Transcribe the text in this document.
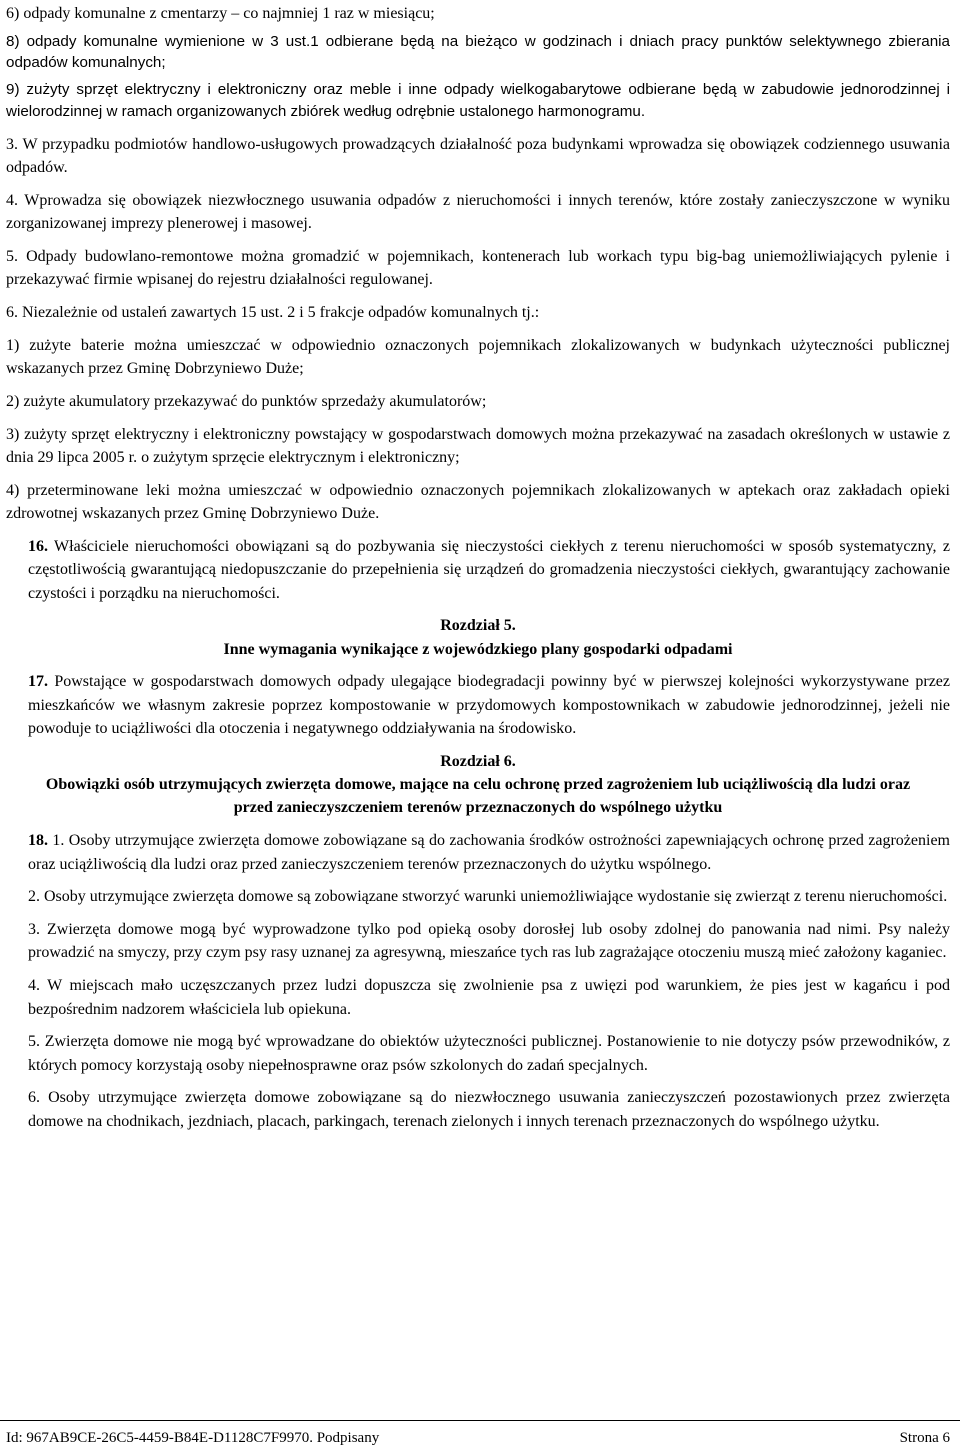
6) odpady komunalne z cmentarzy – co najmniej 1 raz w miesiącu;

8) odpady komunalne wymienione w 3 ust.1 odbierane będą na bieżąco w godzinach i dniach pracy punktów selektywnego zbierania odpadów komunalnych;

9) zużyty sprzęt elektryczny i elektroniczny oraz meble i inne odpady wielkogabarytowe odbierane będą w zabudowie jednorodzinnej i wielorodzinnej w ramach organizowanych zbiórek według odrębnie ustalonego harmonogramu.

3. W przypadku podmiotów handlowo-usługowych prowadzących działalność poza budynkami wprowadza się obowiązek codziennego usuwania odpadów.

4. Wprowadza się obowiązek niezwłocznego usuwania odpadów z nieruchomości i innych terenów, które zostały zanieczyszczone w wyniku zorganizowanej imprezy plenerowej i masowej.

5. Odpady budowlano-remontowe można gromadzić w pojemnikach, kontenerach lub workach typu big-bag uniemożliwiających pylenie i przekazywać firmie wpisanej do rejestru działalności regulowanej.

6. Niezależnie od ustaleń zawartych 15 ust. 2 i 5 frakcje odpadów komunalnych tj.:

1) zużyte baterie można umieszczać w odpowiednio oznaczonych pojemnikach zlokalizowanych w budynkach użyteczności publicznej wskazanych przez Gminę Dobrzyniewo Duże;

2) zużyte akumulatory przekazywać do punktów sprzedaży akumulatorów;

3) zużyty sprzęt elektryczny i elektroniczny powstający w gospodarstwach domowych można przekazywać na zasadach określonych w ustawie z dnia 29 lipca 2005 r. o zużytym sprzęcie elektrycznym i elektroniczny;

4) przeterminowane leki można umieszczać w odpowiednio oznaczonych pojemnikach zlokalizowanych w aptekach oraz zakładach opieki zdrowotnej wskazanych przez Gminę Dobrzyniewo Duże.

16. Właściciele nieruchomości obowiązani są do pozbywania się nieczystości ciekłych z terenu nieruchomości w sposób systematyczny, z częstotliwością gwarantującą niedopuszczanie do przepełnienia się urządzeń do gromadzenia nieczystości ciekłych, gwarantujący zachowanie czystości i porządku na nieruchomości.

Rozdział 5.
Inne wymagania wynikające z wojewódzkiego plany gospodarki odpadami

17. Powstające w gospodarstwach domowych odpady ulegające biodegradacji powinny być w pierwszej kolejności wykorzystywane przez mieszkańców we własnym zakresie poprzez kompostowanie w przydomowych kompostownikach w zabudowie jednorodzinnej, jeżeli nie powoduje to uciążliwości dla otoczenia i negatywnego oddziaływania na środowisko.

Rozdział 6.
Obowiązki osób utrzymujących zwierzęta domowe, mające na celu ochronę przed zagrożeniem lub uciążliwością dla ludzi oraz przed zanieczyszczeniem terenów przeznaczonych do wspólnego użytku

18. 1. Osoby utrzymujące zwierzęta domowe zobowiązane są do zachowania środków ostrożności zapewniających ochronę przed zagrożeniem oraz uciążliwością dla ludzi oraz przed zanieczyszczeniem terenów przeznaczonych do użytku wspólnego.

2. Osoby utrzymujące zwierzęta domowe są zobowiązane stworzyć warunki uniemożliwiające wydostanie się zwierząt z terenu nieruchomości.

3. Zwierzęta domowe mogą być wyprowadzone tylko pod opieką osoby dorosłej lub osoby zdolnej do panowania nad nimi. Psy należy prowadzić na smyczy, przy czym psy rasy uznanej za agresywną, mieszańce tych ras lub zagrażające otoczeniu muszą mieć założony kaganiec.

4. W miejscach mało uczęszczanych przez ludzi dopuszcza się zwolnienie psa z uwięzi pod warunkiem, że pies jest w kagańcu i pod bezpośrednim nadzorem właściciela lub opiekuna.

5. Zwierzęta domowe nie mogą być wprowadzane do obiektów użyteczności publicznej. Postanowienie to nie dotyczy psów przewodników, z których pomocy korzystają osoby niepełnosprawne oraz psów szkolonych do zadań specjalnych.

6. Osoby utrzymujące zwierzęta domowe zobowiązane są do niezwłocznego usuwania zanieczyszczeń pozostawionych przez zwierzęta domowe na chodnikach, jezdniach, placach, parkingach, terenach zielonych i innych terenach przeznaczonych do wspólnego użytku.

Id: 967AB9CE-26C5-4459-B84E-D1128C7F9970. Podpisany	Strona 6
